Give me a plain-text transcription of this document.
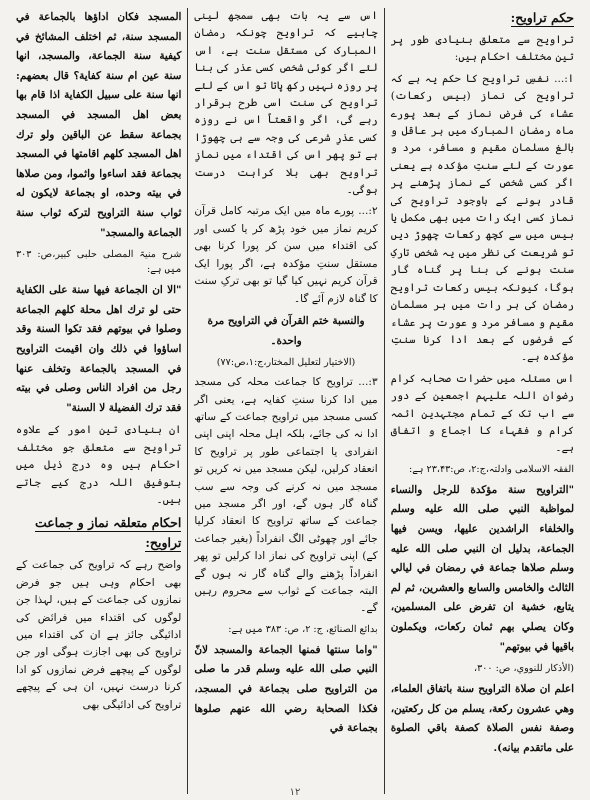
حکم تراویح:

تراویح سے متعلق بنیادی طور پر تین مختلف احکام ہیں:

ا:... نفسِ تراویح کا حکم یہ ہے کہ تراویح کی نماز (بیس رکعات) عشاء کی فرض نماز کے بعد پورے ماہ رمضان المبارک میں ہر عاقل و بالغ مسلمان مقیم و مسافر، مرد و عورت کے لئے سنتِ مؤکدہ ہے یعنی اگر کسی شخص کے نماز پڑھنے پر قادر ہونے کے باوجود تراویح کی نماز کسی ایک رات میں بھی مکمل یا بیس میں سے کچھ رکعات چھوڑ دیں تو شریعت کی نظر میں یہ شخص تارکِ سنت ہونے کی بنا پر گناہ گار ہوگا، کیونکہ بیس رکعات تراویح رمضان کی ہر رات میں ہر مسلمان مقیم و مسافر مرد و عورت پر عشاء کے فرضوں کے بعد ادا کرنا سنتِ مؤکدہ ہے۔

اس مسئلہ میں حضرات صحابہ کرام رضوان اللہ علیہم اجمعین کے دور سے اب تک کے تمام مجتہدین ائمہ کرام و فقہاء کا اجماع و اتفاق ہے۔

الفقہ الاسلامی وادلتہ،ج:۲، ص:۲۳،۴۳ ہے:

"التراويح سنة مؤكدة للرجل والنساء لمواظبة النبي صلى الله عليه وسلم والخلفاء الراشدين عليها، ويسن فيها الجماعة، بدليل ان النبي صلى الله عليه وسلم صلاها جماعة في رمضان في ليالي الثالث والخامس والسابع والعشرين، ثم لم يتابع، خشية ان تفرض على المسلمين، وكان يصلي بهم ثمان ركعات، ويكملون باقيها في بيوتهم"

(الأذكار للنووي، ص: ۳۰۰،

اعلم ان صلاة التراويح سنة باتفاق العلماء، وهي عشرون ركعة، يسلم من كل ركعتين، وصفة نفس الصلاة كصفة باقي الصلوة على ماتقدم بيانه).

اس سے یہ بات بھی سمجھ لینی چاہیے کہ تراویح چونکہ رمضان المبارک کی مستقل سنت ہے، اس لئے اگر کوئی شخص کسی عذر کی بنا پر روزہ نہیں رکھ پاتا تو اس کے لئے تراویح کی سنت اسی طرح برقرار رہے گی، اگر واقعتاً اس نے روزہ کسی عذرِ شرعی کی وجہ سے ہی چھوڑا ہے تو پھر اس کی اقتداء میں نمازِ تراویح بھی بلا کراہت درست ہوگی۔

۲:... پورے ماہ میں ایک مرتبہ کامل قرآن کریم نماز میں خود پڑھ کر یا کسی اور کی اقتداء میں سن کر پورا کرنا بھی مستقل سنتِ مؤکدہ ہے، اگر پورا ایک قرآن کریم نہیں کیا گیا تو بھی ترکِ سنت کا گناہ لازم آئے گا۔

والنسبة ختم القرآن في التراويح مرة واحدة۔

(الاختيار لتعليل المختار،ج:۱،ص:۷۷)

۳:... تراویح کا جماعت محلہ کی مسجد میں ادا کرنا سنتِ کفایہ ہے، یعنی اگر کسی مسجد میں تراویح جماعت کے ساتھ ادا نہ کی جائے، بلکہ اہل محلہ اپنی اپنی انفرادی یا اجتماعی طور پر تراویح کا انعقاد کرلیں، لیکن مسجد میں نہ کریں تو مسجد میں نہ کرنے کی وجہ سے سب گناہ گار ہوں گے، اور اگر مسجد میں جماعت کے ساتھ تراویح کا انعقاد کرلیا جائے اور چھوٹی الگ انفراداً (بغیر جماعت کے) اپنی تراویح کی نماز ادا کرلیں تو پھر انفراداً پڑھنے والے گناہ گار نہ ہوں گے البتہ جماعت کے ثواب سے محروم رہیں گے۔

بدائع الصنائع، ج: ۲، ص: ۳۸۳ میں ہے:

"واما سنتها فمنها الجماعة والمسجد لانّ النبي صلى الله عليه وسلم قدر ما صلى من التراويح صلى بجماعة في المسجد، فكذا الصحابة رضي الله عنهم صلوها بجماعة في

المسجد فكان اداؤها بالجماعة في المسجد سنة، ثم اختلف المشائخ في كيفية سنة الجماعة، والمسجد، انها سنة عين ام سنة كفاية؟ قال بعضهم: انها سنة على سبيل الكفاية اذا قام بها بعض اهل المسجد في المسجد بجماعة سقط عن الباقين ولو ترك اهل المسجد كلهم اقامتها في المسجد بجماعة فقد اساءوا واثموا، ومن صلاها في بيته وحده، او بجماعة لايكون له ثواب سنة التراويح لتركه ثواب سنة الجماعة والمسجد"

شرح منیۃ المصلی حلبی کبیر،ص: ۳۰۳ میں ہے:

"الا ان الجماعة فيها سنة على الكفاية حتى لو ترك اهل محلة كلهم الجماعة وصلوا في بيوتهم فقد تكوا السنة وقد اساؤوا في ذلك وان اقيمت التراويح في المسجد بالجماعة وتخلف عنها رجل من افراد الناس وصلى في بيته فقد ترك الفضيلة لا السنة"

ان بنیادی تین امور کے علاوہ تراویح سے متعلق جو مختلف احکام ہیں وہ درج ذیل میں بتوفیق اللہ درج کیے جاتے ہیں۔

احکام متعلقہ نماز و جماعت تراویح:

واضح رہے کہ تراویح کی جماعت کے بھی احکام وہی ہیں جو فرض نمازوں کی جماعت کے ہیں، لہذا جن لوگوں کی اقتداء میں فرائض کی ادائیگی جائز ہے ان کی اقتداء میں تراویح کی بھی اجازت ہوگی اور جن لوگوں کے پیچھے فرض نمازوں کو ادا کرنا درست نہیں، ان ہی کے پیچھے تراویح کی ادائیگی بھی

۱۲
